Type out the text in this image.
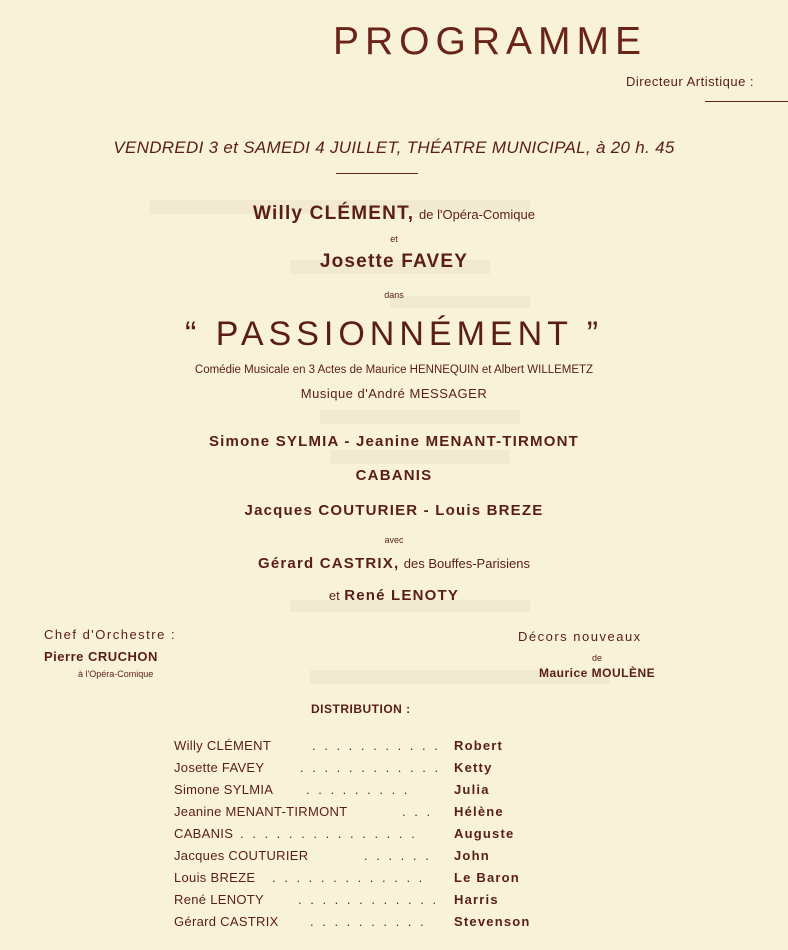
PROGRAMME
Directeur Artistique :
VENDREDI 3 et SAMEDI 4 JUILLET, THÉATRE MUNICIPAL, à 20 h. 45
Willy CLÉMENT, de l'Opéra-Comique
et
Josette FAVEY
dans
“ PASSIONNÉMENT ”
Comédie Musicale en 3 Actes de Maurice HENNEQUIN et Albert WILLEMETZ
Musique d'André MESSAGER
Simone SYLMIA - Jeanine MENANT-TIRMONT
CABANIS
Jacques COUTURIER - Louis BREZE
avec
Gérard CASTRIX, des Bouffes-Parisiens
et René LENOTY
Chef d'Orchestre :
Pierre CRUCHON
à l'Opéra-Comique
Décors nouveaux
de
Maurice MOULÈNE
DISTRIBUTION :
Willy CLÉMENT	. . . . . . . . . . . Robert
Josette FAVEY	. . . . . . . . . . . . Ketty
Simone SYLMIA	. . . . . . . . .	Julia
Jeanine MENANT-TIRMONT	. . . Hélène
CABANIS . . . . . . . . . . . . . . .	Auguste
Jacques COUTURIER	. . . . . . John
Louis BREZE . . . . . . . . . . . . . Le Baron
René LENOTY	. . . . . . . . . . . . Harris
Gérard CASTRIX . . . . . . . . . . Stevenson
